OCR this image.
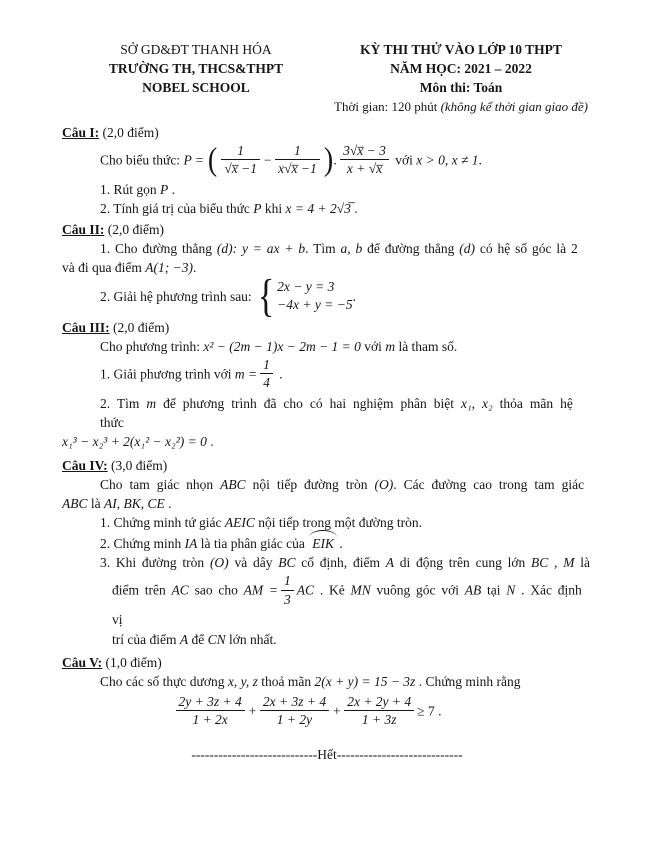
SỞ GD&ĐT THANH HÓA
TRƯỜNG TH, THCS&THPT
NOBEL SCHOOL
KỲ THI THỬ VÀO LỚP 10 THPT
NĂM HỌC: 2021 – 2022
Môn thi: Toán
Thời gian: 120 phút (không kể thời gian giao đề)
Câu I: (2,0 điểm)
Cho biểu thức: P = ( $\frac{1}{√x̅ -1} - \frac{1}{x√x̅ -1}$ ). $\frac{3√x̅ - 3}{x + √x̅}$ với x > 0, x ≠ 1.
1. Rút gọn P .
2. Tính giá trị của biểu thức P khi x = 4 + 2√3̅ .
Câu II: (2,0 điểm)
1. Cho đường thẳng (d): y = ax + b. Tìm a, b để đường thẳng (d) có hệ số góc là 2
và đi qua điểm A(1; −3).
2. Giải hệ phương trình sau: { 2x − y = 3
−4x + y = −5
.
Câu III: (2,0 điểm)
Cho phương trình: x² − (2m − 1)x − 2m − 1 = 0 với m là tham số.
1. Giải phương trình với $m = \frac{1}{4}$ .
2. Tìm m để phương trình đã cho có hai nghiệm phân biệt x₁, x₂ thỏa mãn hệ thức
x₁³ − x₂³ + 2(x₁² − x₂²) = 0 .
Câu IV: (3,0 điểm)
Cho tam giác nhọn ABC nội tiếp đường tròn (O). Các đường cao trong tam giác
ABC là AI, BK, CE .
1. Chứng minh tứ giác AEIC nội tiếp trong một đường tròn.
2. Chứng minh IA là tia phân giác của EIK .
3. Khi đường tròn (O) và dây BC cố định, điểm A di động trên cung lớn BC , M là
điểm trên AC sao cho AM = $\frac{1}{3}$ AC . Kẻ MN vuông góc với AB tại N . Xác định vị
trí của điểm A để CN lớn nhất.
Câu V: (1,0 điểm)
Cho các số thực dương x, y, z thoả mãn 2(x + y) = 15 − 3z . Chứng minh rằng
$\frac{2y + 3z + 4}{1 + 2x} + \frac{2x + 3z + 4}{1 + 2y} + \frac{2x + 2y + 4}{1 + 3z} \ge 7$ .
----------------------------Hết----------------------------
